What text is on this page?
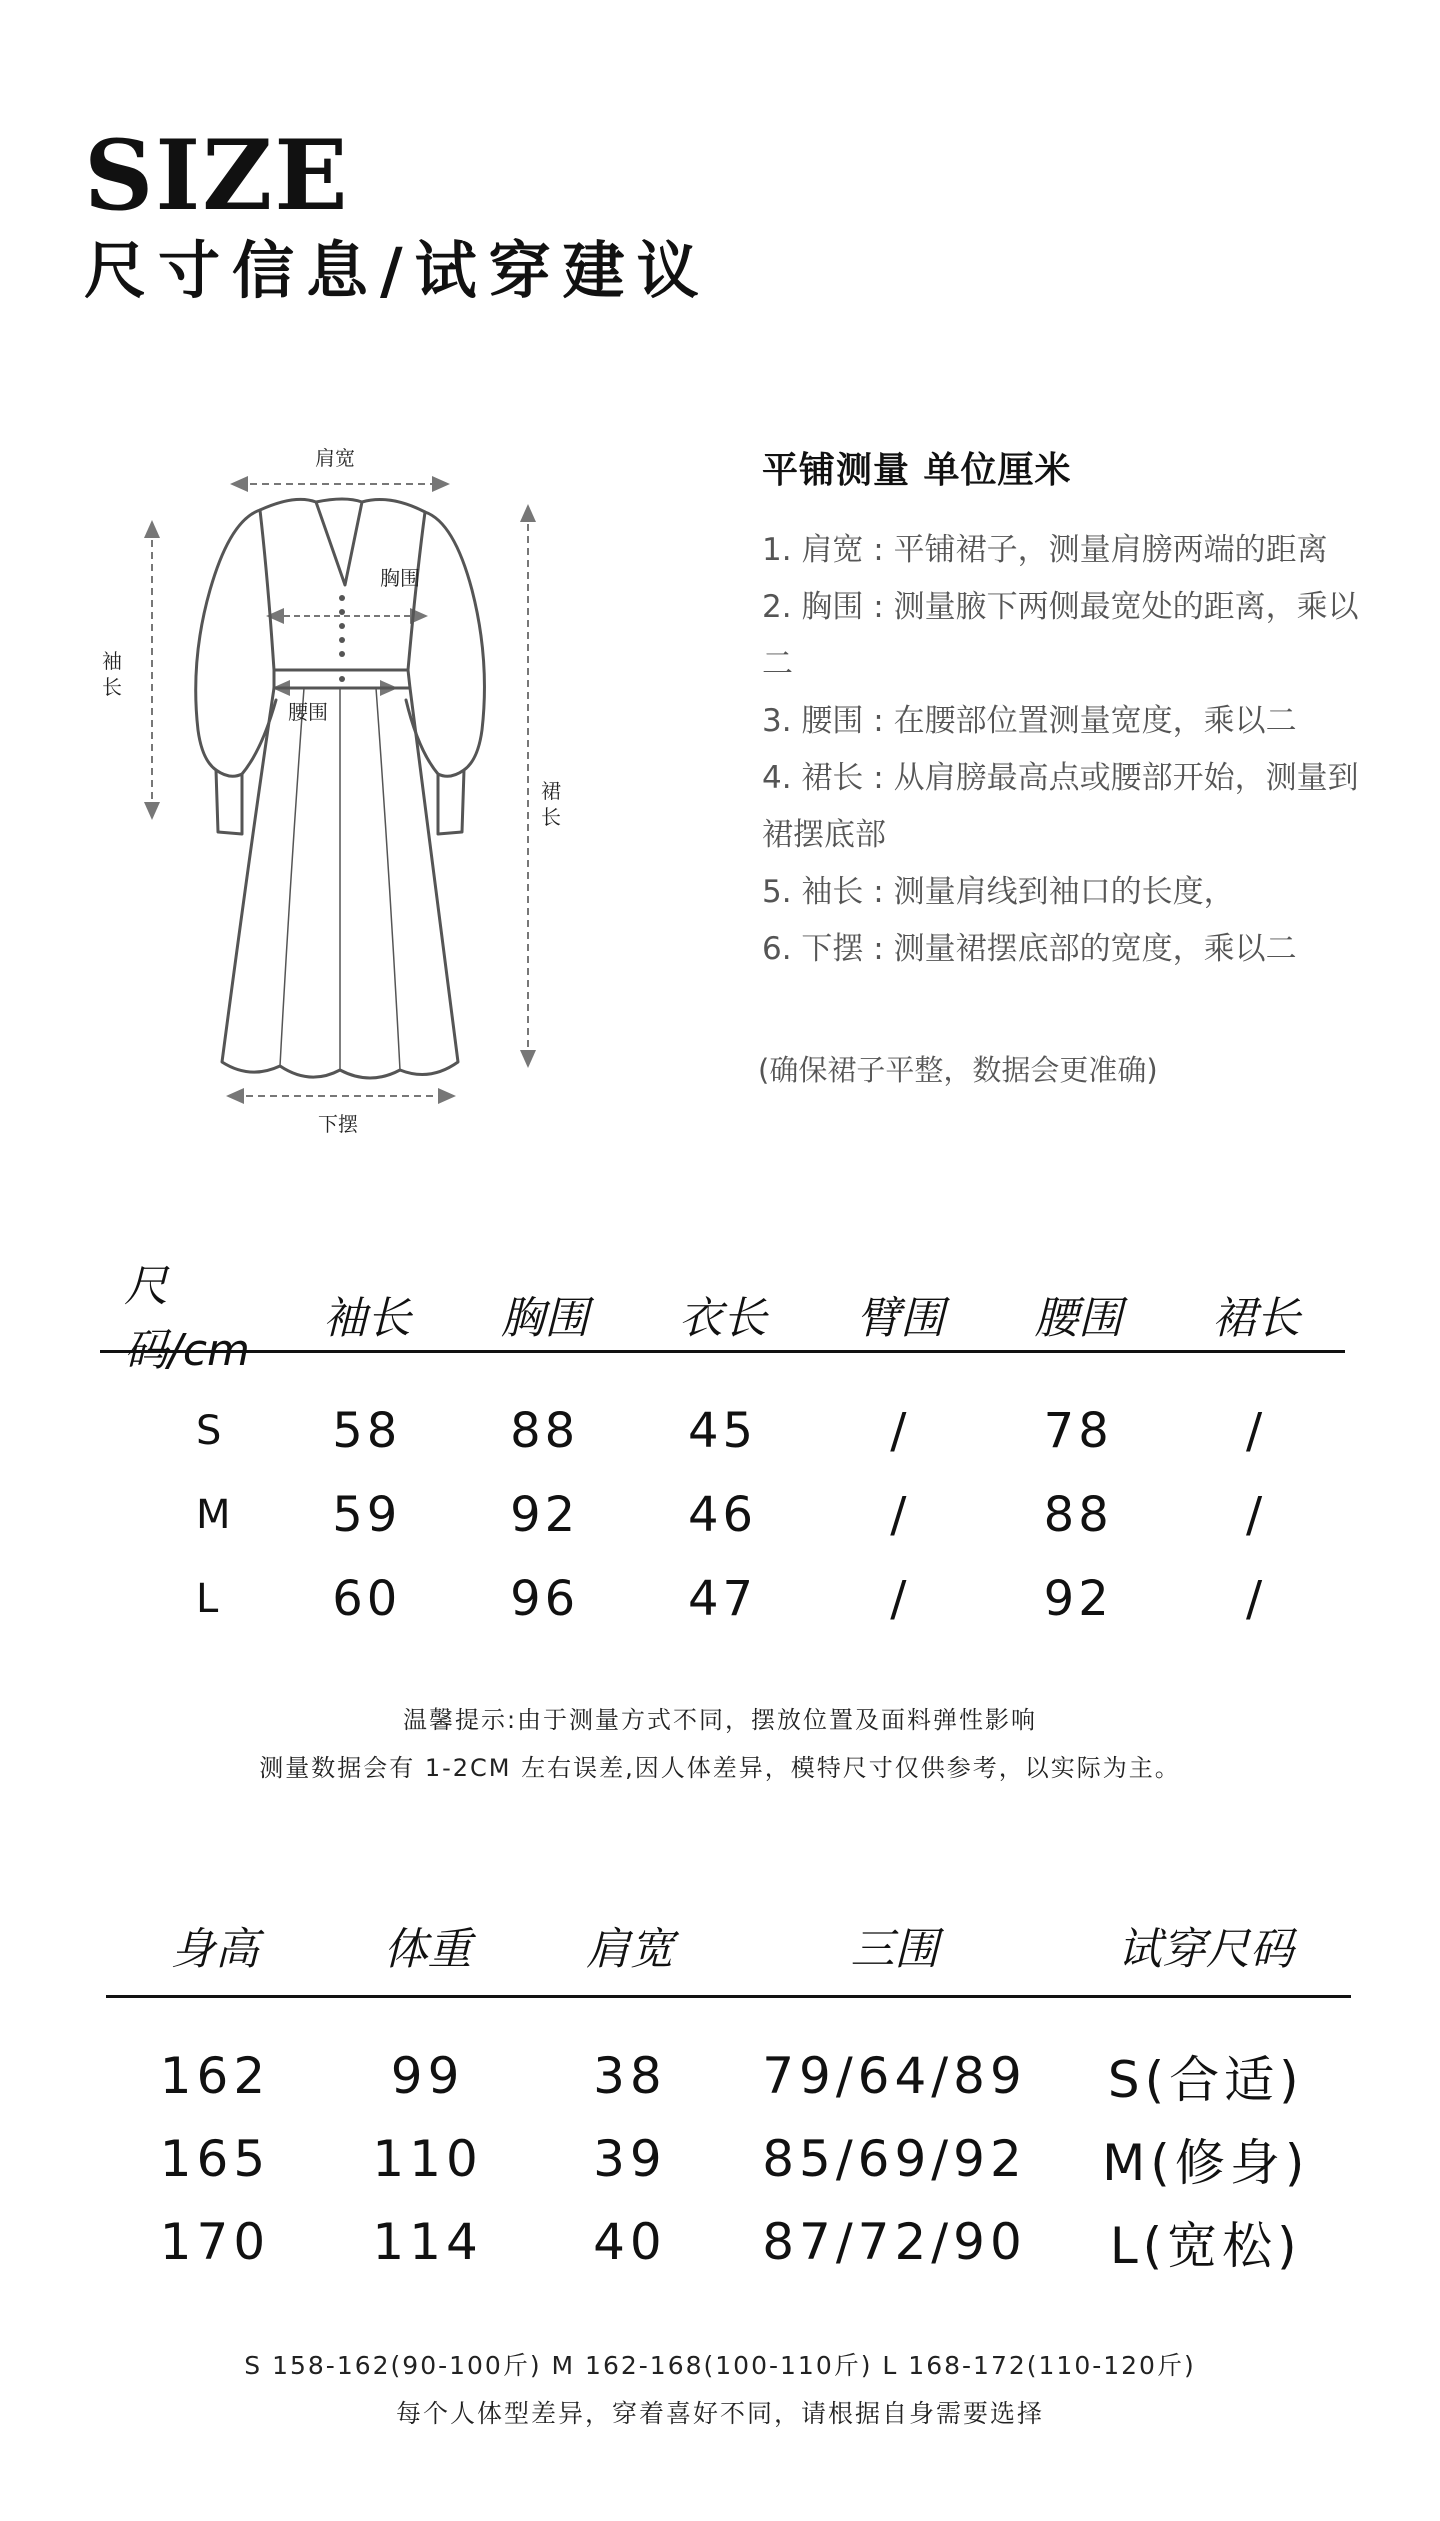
SIZE
尺寸信息/试穿建议
肩宽
胸围
腰围
袖长
裙长
下摆
平铺测量 单位厘米
1. 肩宽 : 平铺裙子，测量肩膀两端的距离
2. 胸围 : 测量腋下两侧最宽处的距离，乘以二
3. 腰围 : 在腰部位置测量宽度，乘以二
4. 裙长 : 从肩膀最高点或腰部开始，测量到裙摆底部
5. 袖长 : 测量肩线到袖口的长度，
6. 下摆 : 测量裙摆底部的宽度，乘以二
(确保裙子平整，数据会更准确)
尺码/cm
袖长	胸围	衣长	臂围	腰围	裙长
S	58	88	45	/	78	/
M	59	92	46	/	88	/
L	60	96	47	/	92	/
温馨提示:由于测量方式不同，摆放位置及面料弹性影响
测量数据会有 1-2CM 左右误差,因人体差异，模特尺寸仅供参考，以实际为主。
身高	体重	肩宽	三围	试穿尺码
162	99	38	79/64/89	S(合适)
165	110	39	85/69/92	M(修身)
170	114	40	87/72/90	L(宽松)
S 158-162(90-100斤) M 162-168(100-110斤) L 168-172(110-120斤)
每个人体型差异，穿着喜好不同，请根据自身需要选择
